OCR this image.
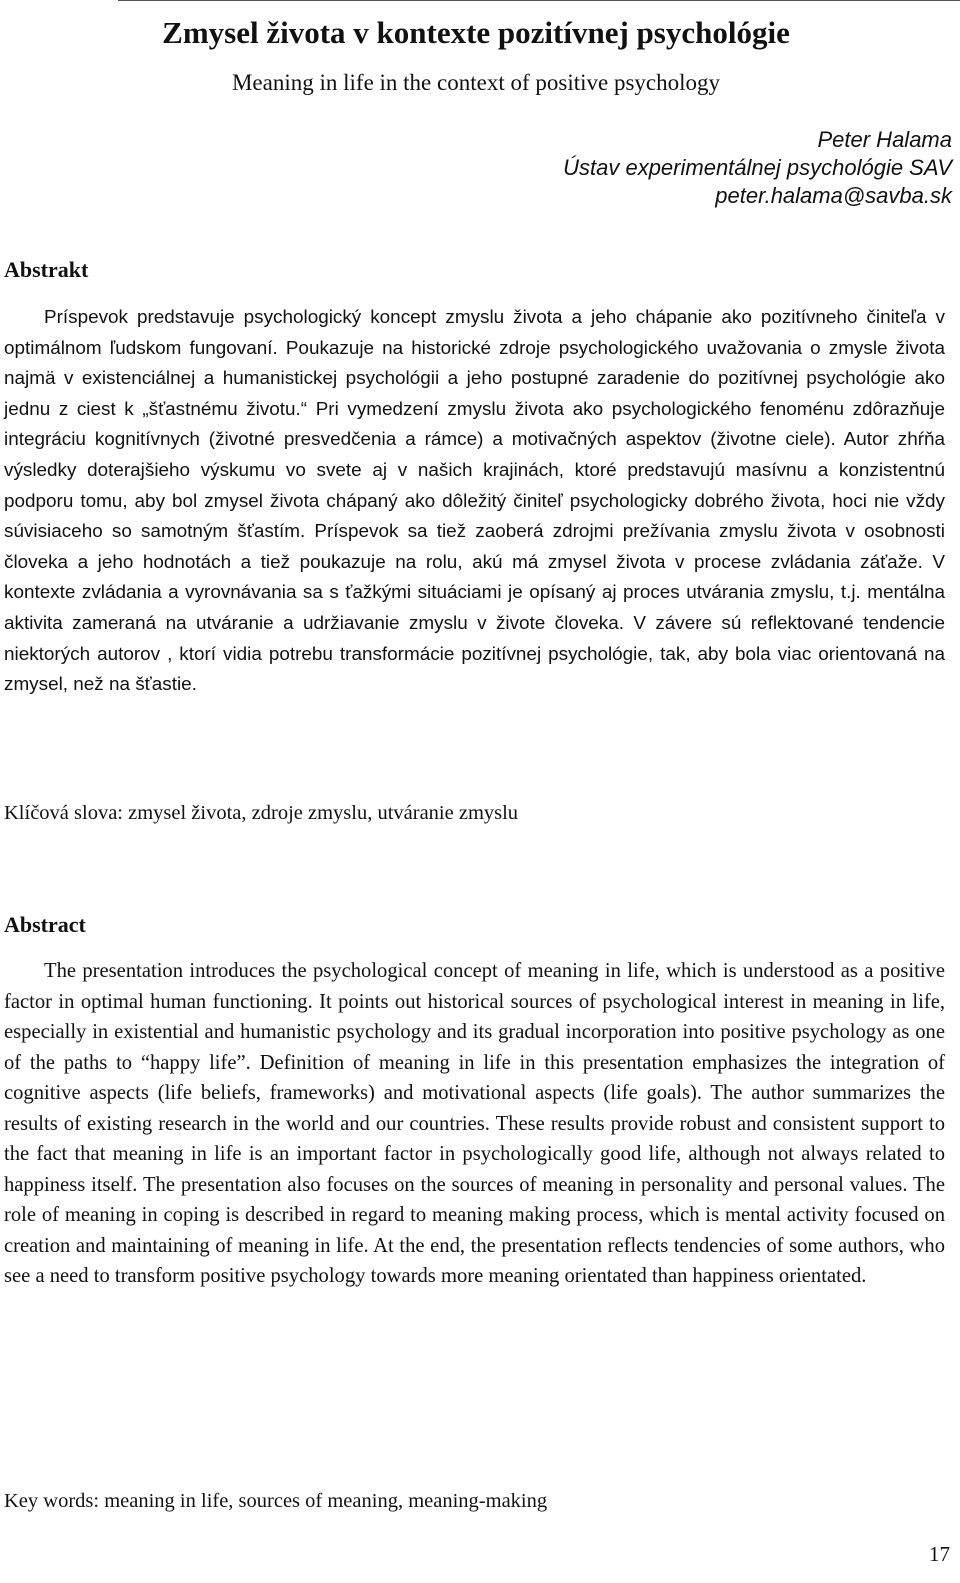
Zmysel života v kontexte pozitívnej psychológie
Meaning in life in the context of positive psychology
Peter Halama
Ústav experimentálnej psychológie SAV
peter.halama@savba.sk
Abstrakt
Príspevok predstavuje psychologický koncept zmyslu života a jeho chápanie ako pozitívneho činiteľa v optimálnom ľudskom fungovaní. Poukazuje na historické zdroje psychologického uvažovania o zmysle života najmä v existenciálnej a humanistickej psychológii a jeho postupné zaradenie do pozitívnej psychológie ako jednu z ciest k „šťastnému životu.“ Pri vymedzení zmyslu života ako psychologického fenoménu zdôrazňuje integráciu kognitívnych (životné presvedčenia a rámce) a motivačných aspektov (životne ciele). Autor zhŕňa výsledky doterajšieho výskumu vo svete aj v našich krajinách, ktoré predstavujú masívnu a konzistentnú podporu tomu, aby bol zmysel života chápaný ako dôležitý činiteľ psychologicky dobrého života, hoci nie vždy súvisiaceho so samotným šťastím. Príspevok sa tiež zaoberá zdrojmi prežívania zmyslu života v osobnosti človeka a jeho hodnotách a tiež poukazuje na rolu, akú má zmysel života v procese zvládania záťaže. V kontexte zvládania a vyrovnávania sa s ťažkými situáciami je opísaný aj proces utvárania zmyslu, t.j. mentálna aktivita zameraná na utváranie a udržiavanie zmyslu v živote človeka. V závere sú reflektované tendencie niektorých autorov , ktorí vidia potrebu transformácie pozitívnej psychológie, tak, aby bola viac orientovaná na zmysel, než na šťastie.
Klíčová slova: zmysel života, zdroje zmyslu, utváranie zmyslu
Abstract
The presentation introduces the psychological concept of meaning in life, which is understood as a positive factor in optimal human functioning. It points out historical sources of psychological interest in meaning in life, especially in existential and humanistic psychology and its gradual incorporation into positive psychology as one of the paths to “happy life”. Definition of meaning in life in this presentation emphasizes the integration of cognitive aspects (life beliefs, frameworks) and motivational aspects (life goals). The author summarizes the results of existing research in the world and our countries. These results provide robust and consistent support to the fact that meaning in life is an important factor in psychologically good life, although not always related to happiness itself. The presentation also focuses on the sources of meaning in personality and personal values. The role of meaning in coping is described in regard to meaning making process, which is mental activity focused on creation and maintaining of meaning in life. At the end, the presentation reflects tendencies of some authors, who see a need to transform positive psychology towards more meaning orientated than happiness orientated.
Key words: meaning in life, sources of meaning, meaning-making
17
